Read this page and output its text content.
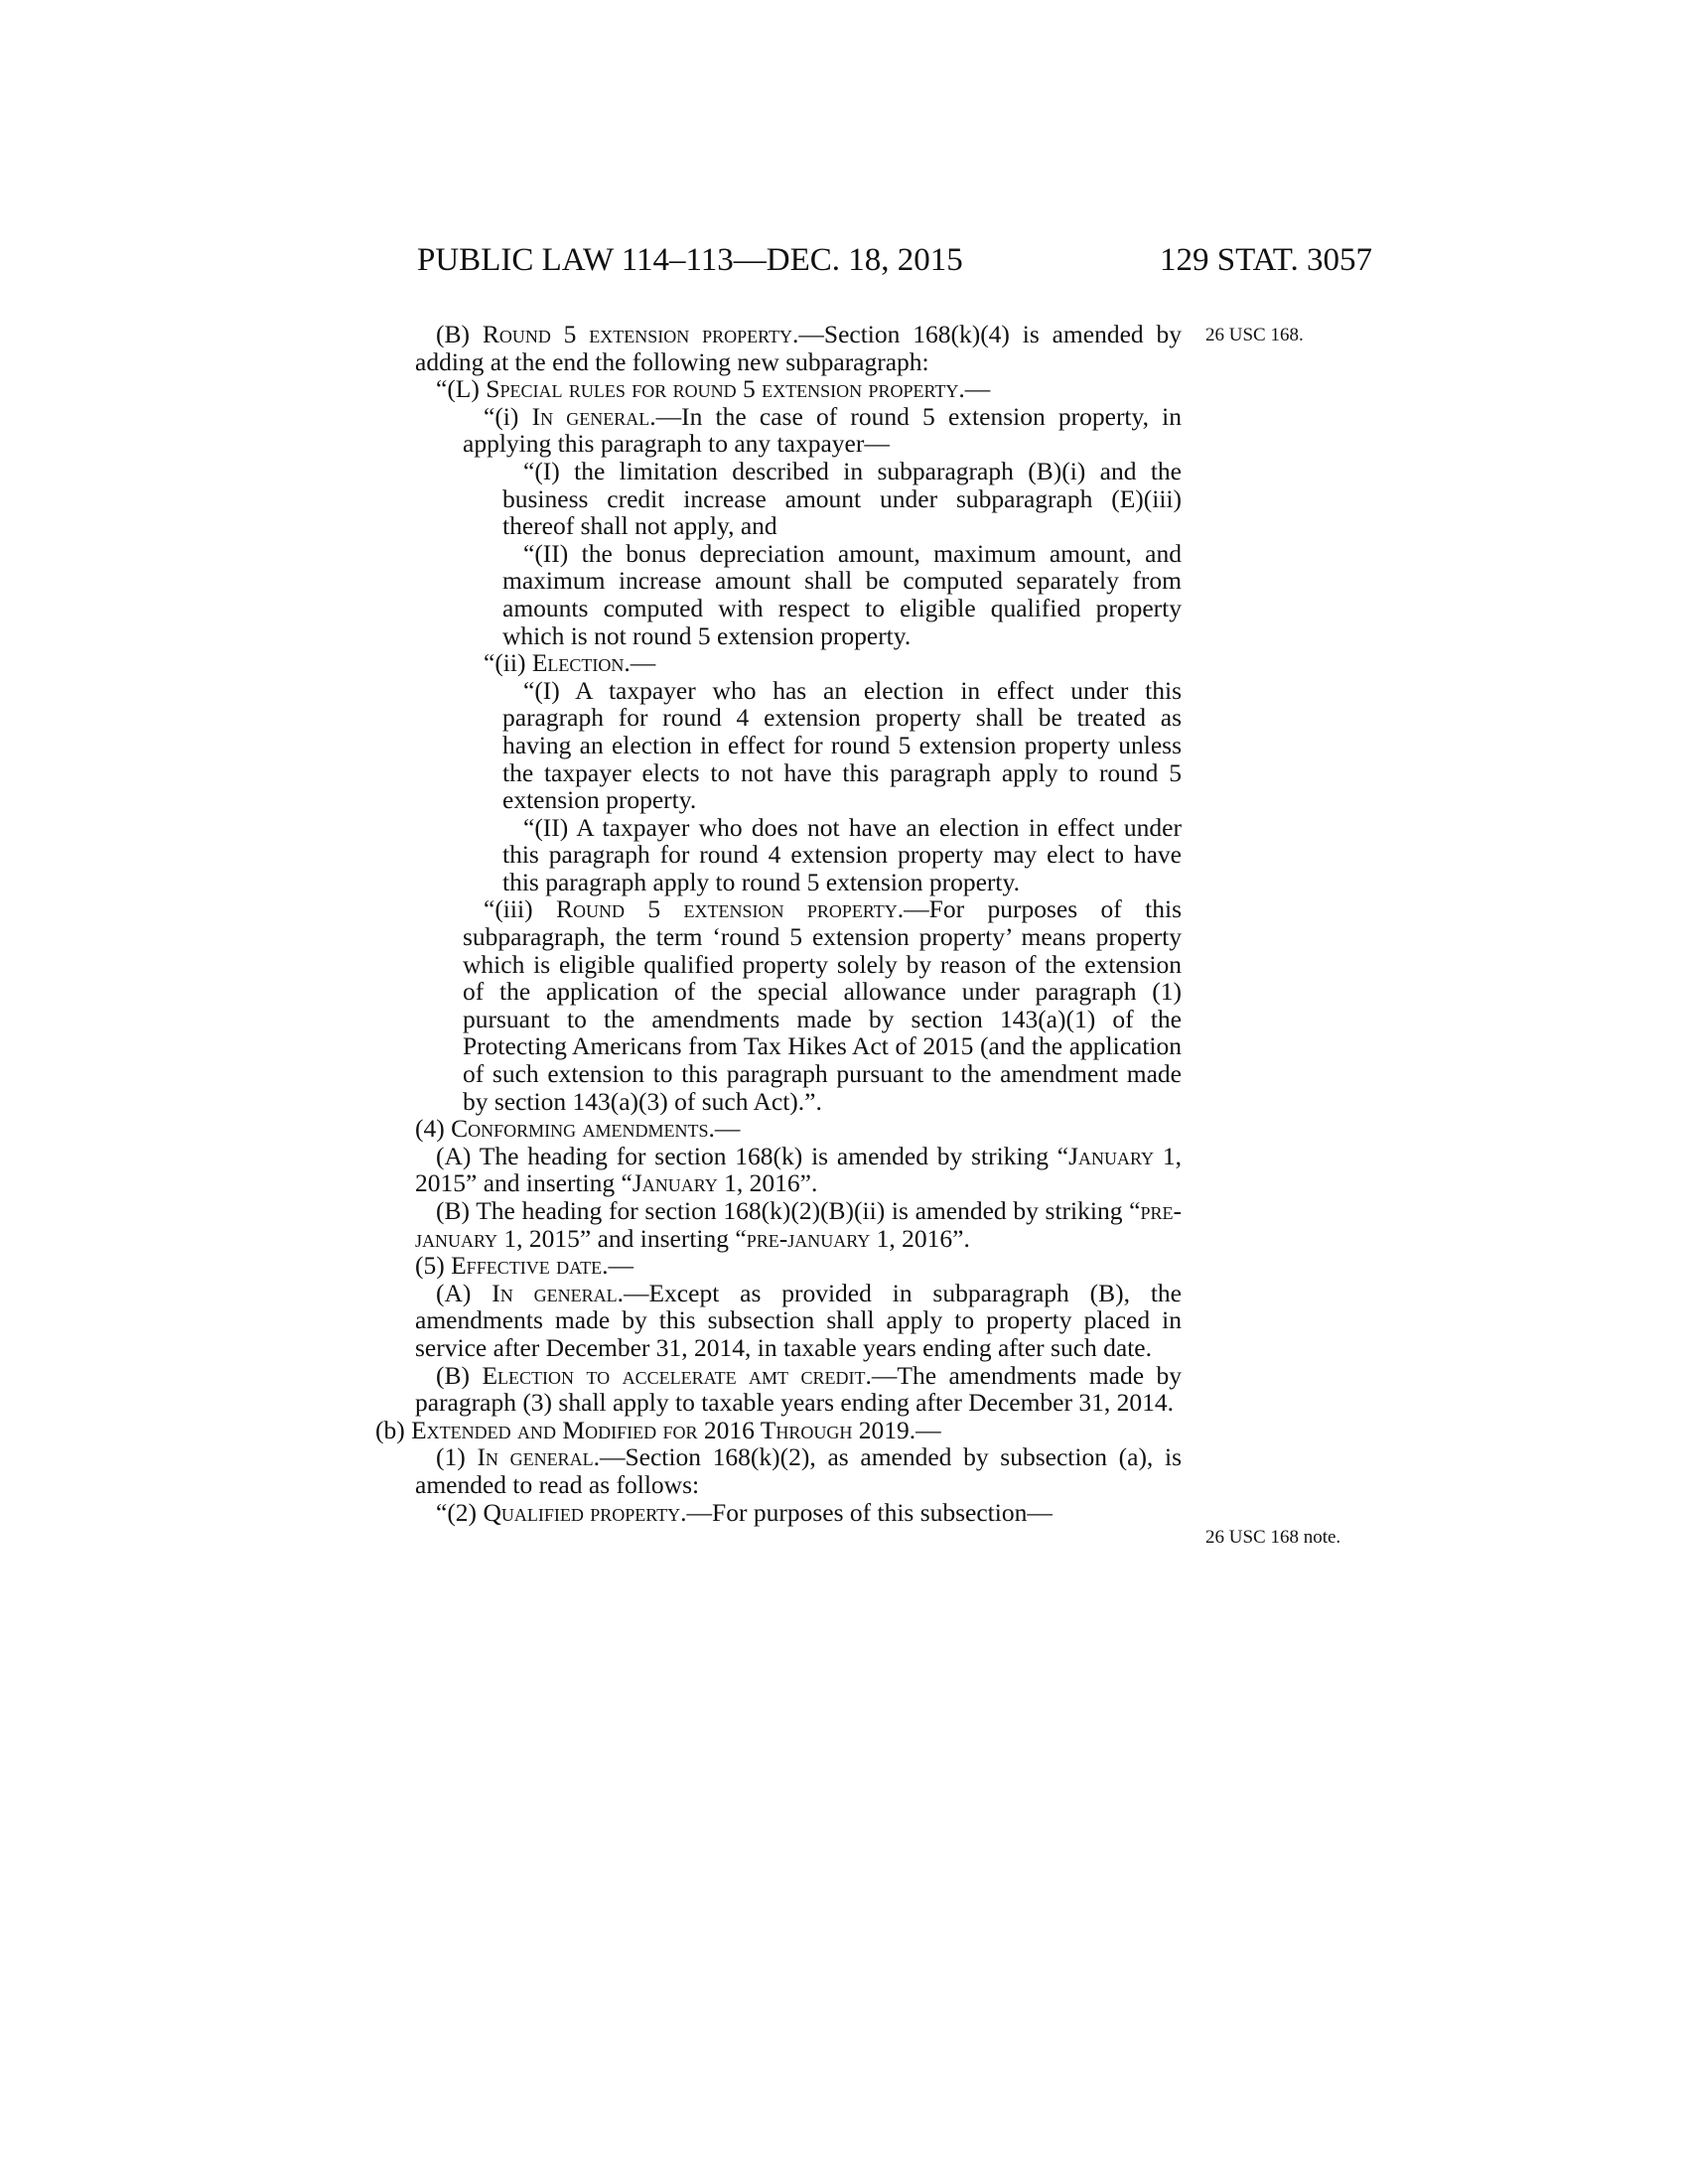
PUBLIC LAW 114–113—DEC. 18, 2015	129 STAT. 3057
26 USC 168.
26 USC 168 note.

(B) Round 5 extension property.—Section 168(k)(4) is amended by adding at the end the following new subparagraph:

“(L) Special rules for round 5 extension property.—

“(i) In general.—In the case of round 5 extension property, in applying this paragraph to any taxpayer—

“(I) the limitation described in subparagraph (B)(i) and the business credit increase amount under subparagraph (E)(iii) thereof shall not apply, and

“(II) the bonus depreciation amount, maximum amount, and maximum increase amount shall be computed separately from amounts computed with respect to eligible qualified property which is not round 5 extension property.

“(ii) Election.—

“(I) A taxpayer who has an election in effect under this paragraph for round 4 extension property shall be treated as having an election in effect for round 5 extension property unless the taxpayer elects to not have this paragraph apply to round 5 extension property.

“(II) A taxpayer who does not have an election in effect under this paragraph for round 4 extension property may elect to have this paragraph apply to round 5 extension property.

“(iii) Round 5 extension property.—For purposes of this subparagraph, the term ‘round 5 extension property’ means property which is eligible qualified property solely by reason of the extension of the application of the special allowance under paragraph (1) pursuant to the amendments made by section 143(a)(1) of the Protecting Americans from Tax Hikes Act of 2015 (and the application of such extension to this paragraph pursuant to the amendment made by section 143(a)(3) of such Act).”.

(4) Conforming amendments.—

(A) The heading for section 168(k) is amended by striking “January 1, 2015” and inserting “January 1, 2016”.

(B) The heading for section 168(k)(2)(B)(ii) is amended by striking “pre-january 1, 2015” and inserting “pre-january 1, 2016”.

(5) Effective date.—

(A) In general.—Except as provided in subparagraph (B), the amendments made by this subsection shall apply to property placed in service after December 31, 2014, in taxable years ending after such date.

(B) Election to accelerate amt credit.—The amendments made by paragraph (3) shall apply to taxable years ending after December 31, 2014.

(b) Extended and Modified for 2016 Through 2019.—

(1) In general.—Section 168(k)(2), as amended by subsection (a), is amended to read as follows:

“(2) Qualified property.—For purposes of this subsection—
